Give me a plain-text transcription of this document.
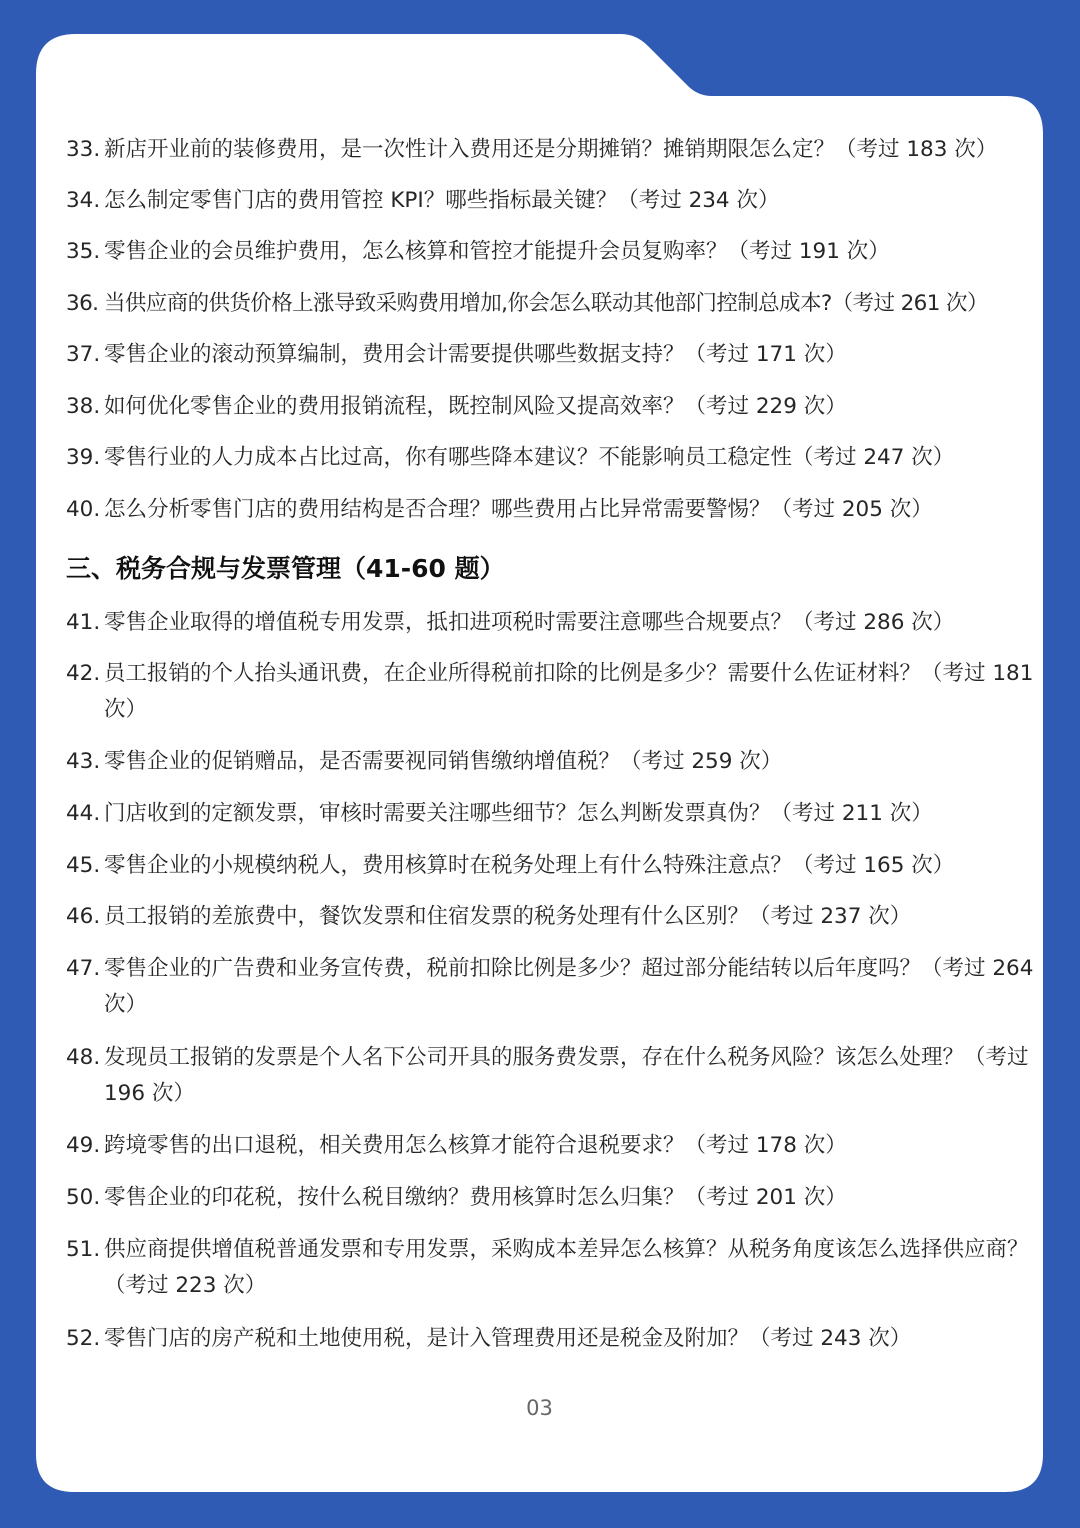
33. 新店开业前的装修费用，是一次性计入费用还是分期摊销？摊销期限怎么定？（考过 183 次）
34. 怎么制定零售门店的费用管控 KPI？哪些指标最关键？（考过 234 次）
35. 零售企业的会员维护费用，怎么核算和管控才能提升会员复购率？（考过 191 次）
36. 当供应商的供货价格上涨导致采购费用增加,你会怎么联动其他部门控制总成本?（考过 261 次）
37. 零售企业的滚动预算编制，费用会计需要提供哪些数据支持？（考过 171 次）
38. 如何优化零售企业的费用报销流程，既控制风险又提高效率？（考过 229 次）
39. 零售行业的人力成本占比过高，你有哪些降本建议？不能影响员工稳定性（考过 247 次）
40. 怎么分析零售门店的费用结构是否合理？哪些费用占比异常需要警惕？（考过 205 次）
三、税务合规与发票管理（41-60 题）
41. 零售企业取得的增值税专用发票，抵扣进项税时需要注意哪些合规要点？（考过 286 次）
42. 员工报销的个人抬头通讯费，在企业所得税前扣除的比例是多少？需要什么佐证材料？（考过 181 次）
43. 零售企业的促销赠品，是否需要视同销售缴纳增值税？（考过 259 次）
44. 门店收到的定额发票，审核时需要关注哪些细节？怎么判断发票真伪？（考过 211 次）
45. 零售企业的小规模纳税人，费用核算时在税务处理上有什么特殊注意点？（考过 165 次）
46. 员工报销的差旅费中，餐饮发票和住宿发票的税务处理有什么区别？（考过 237 次）
47. 零售企业的广告费和业务宣传费，税前扣除比例是多少？超过部分能结转以后年度吗？（考过 264 次）
48. 发现员工报销的发票是个人名下公司开具的服务费发票，存在什么税务风险？该怎么处理？（考过 196 次）
49. 跨境零售的出口退税，相关费用怎么核算才能符合退税要求？（考过 178 次）
50. 零售企业的印花税，按什么税目缴纳？费用核算时怎么归集？（考过 201 次）
51. 供应商提供增值税普通发票和专用发票，采购成本差异怎么核算？从税务角度该怎么选择供应商？（考过 223 次）
52. 零售门店的房产税和土地使用税，是计入管理费用还是税金及附加？（考过 243 次）
03
